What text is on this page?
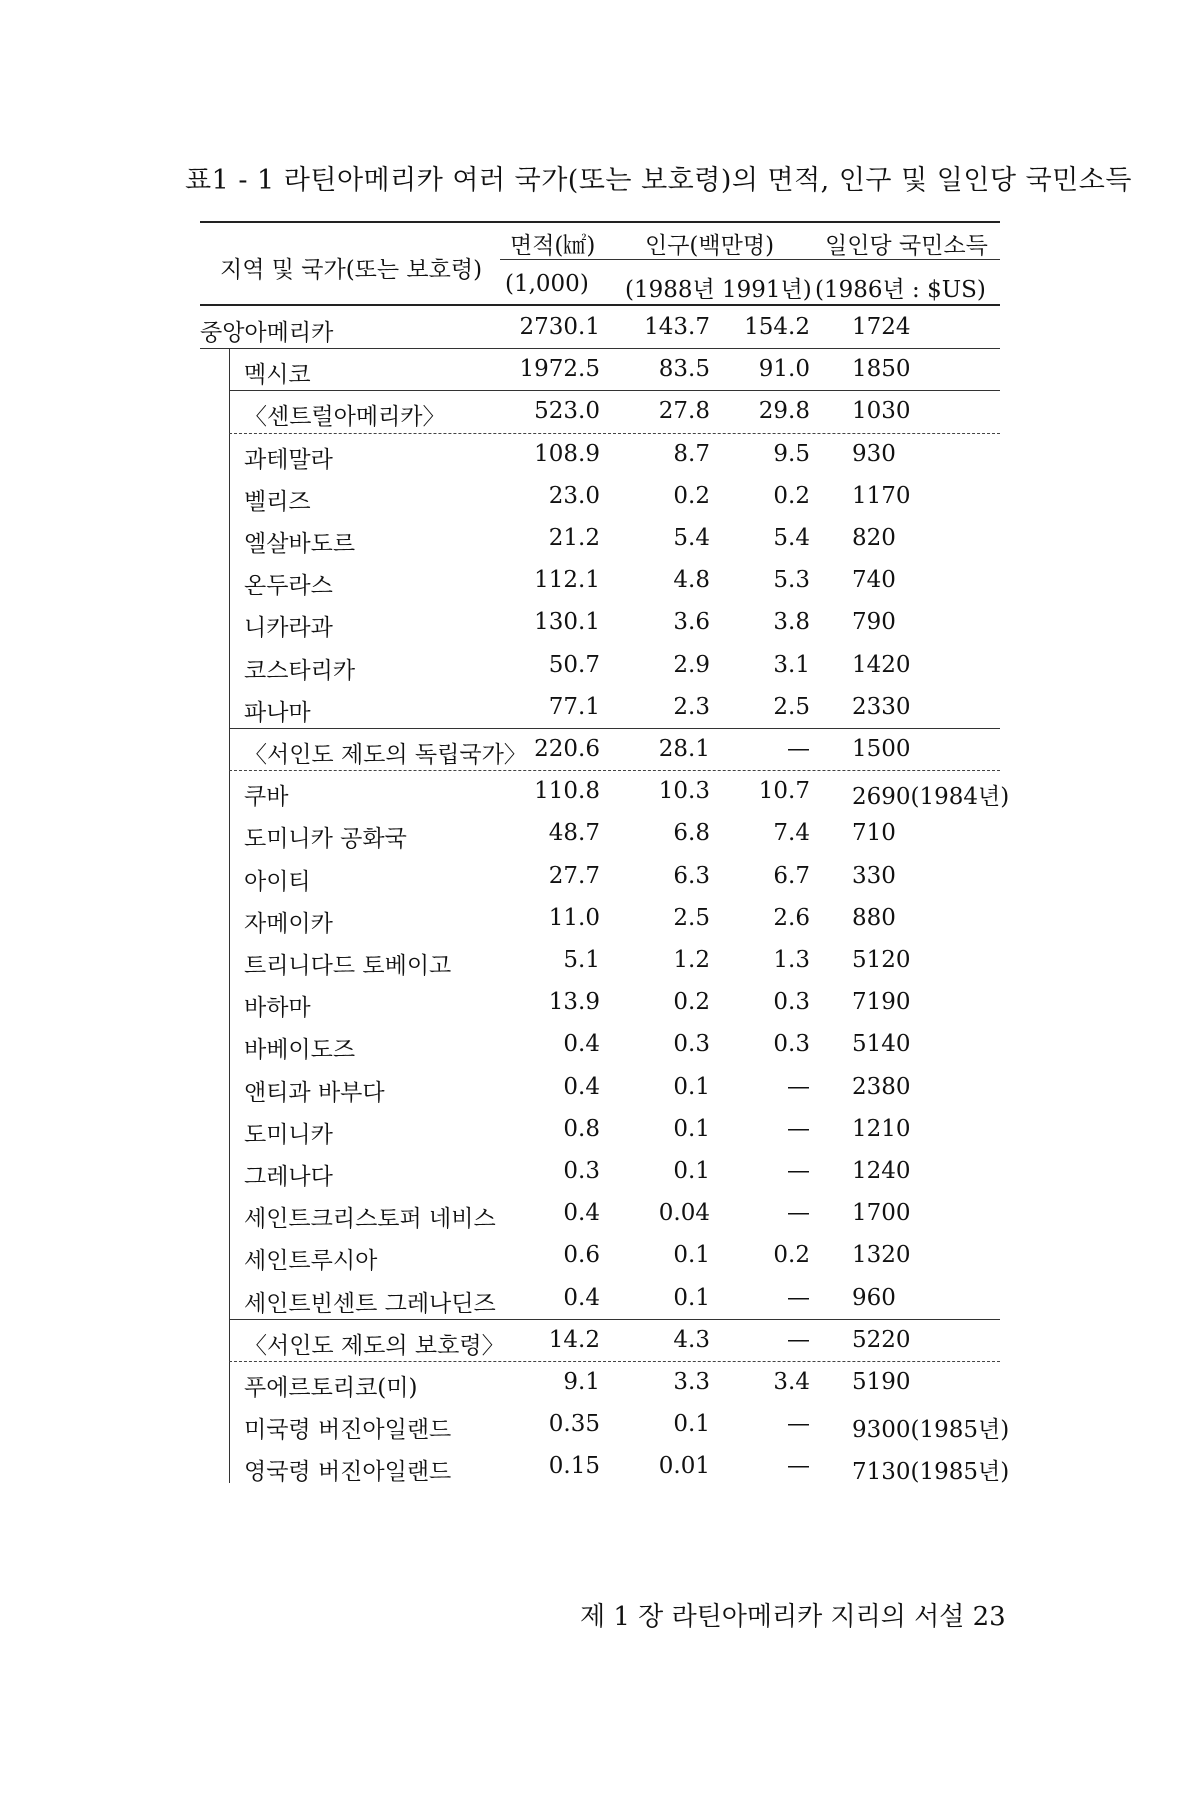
표1 - 1 라틴아메리카 여러 국가(또는 보호령)의 면적, 인구 및 일인당 국민소득
지역 및 국가(또는 보호령)
면적(㎢)
(1,000)
인구(백만명)
(1988년 1991년)
일인당 국민소득
(1986년 : $US)
중앙아메리카	2730.1	143.7	154.2 1724
멕시코	1972.5	83.5	91.0 1850
〈센트럴아메리카〉	523.0	27.8	29.8 1030
과테말라	108.9	8.7	9.5 930
벨리즈	23.0	0.2	0.2 1170
엘살바도르	21.2	5.4	5.4 820
온두라스	112.1	4.8	5.3 740
니카라과	130.1	3.6	3.8 790
코스타리카	50.7	2.9	3.1 1420
파나마	77.1	2.3	2.5 2330
〈서인도 제도의 독립국가〉 220.6	28.1	— 1500
쿠바	110.8	10.3	10.7 2690(1984년)
도미니카 공화국	48.7	6.8	7.4 710
아이티	27.7	6.3	6.7 330
자메이카	11.0	2.5	2.6 880
트리니다드 토베이고	5.1	1.2	1.3 5120
바하마	13.9	0.2	0.3 7190
바베이도즈	0.4	0.3	0.3 5140
앤티과 바부다	0.4	0.1	— 2380
도미니카	0.8	0.1	— 1210
그레나다	0.3	0.1	— 1240
세인트크리스토퍼 네비스	0.4	0.04	— 1700
세인트루시아	0.6	0.1	0.2 1320
세인트빈센트 그레나딘즈	0.4	0.1	— 960
〈서인도 제도의 보호령〉	14.2	4.3	— 5220
푸에르토리코(미)	9.1	3.3	3.4 5190
미국령 버진아일랜드	0.35	0.1	— 9300(1985년)
영국령 버진아일랜드	0.15	0.01	— 7130(1985년)
제 1 장 라틴아메리카 지리의 서설 23
